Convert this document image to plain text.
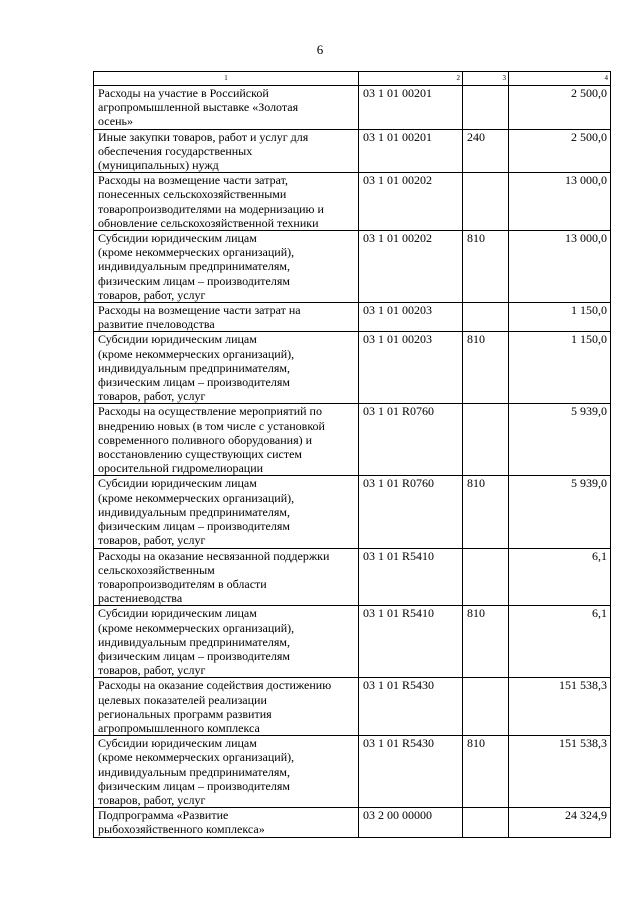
6
1	2	3	4
Расходы на участие в Российской
агропромышленной выставке «Золотая
осень»	03 1 01 00201		2 500,0
Иные закупки товаров, работ и услуг для
обеспечения государственных
(муниципальных) нужд	03 1 01 00201	240	2 500,0
Расходы на возмещение части затрат,
понесенных сельскохозяйственными
товаропроизводителями на модернизацию и
обновление сельскохозяйственной техники	03 1 01 00202		13 000,0
Субсидии юридическим лицам
(кроме некоммерческих организаций),
индивидуальным предпринимателям,
физическим лицам – производителям
товаров, работ, услуг	03 1 01 00202	810	13 000,0
Расходы на возмещение части затрат на
развитие пчеловодства	03 1 01 00203		1 150,0
Субсидии юридическим лицам
(кроме некоммерческих организаций),
индивидуальным предпринимателям,
физическим лицам – производителям
товаров, работ, услуг	03 1 01 00203	810	1 150,0
Расходы на осуществление мероприятий по
внедрению новых (в том числе с установкой
современного поливного оборудования) и
восстановлению существующих систем
оросительной гидромелиорации	03 1 01 R0760		5 939,0
Субсидии юридическим лицам
(кроме некоммерческих организаций),
индивидуальным предпринимателям,
физическим лицам – производителям
товаров, работ, услуг	03 1 01 R0760	810	5 939,0
Расходы на оказание несвязанной поддержки
сельскохозяйственным
товаропроизводителям в области
растениеводства	03 1 01 R5410		6,1
Субсидии юридическим лицам
(кроме некоммерческих организаций),
индивидуальным предпринимателям,
физическим лицам – производителям
товаров, работ, услуг	03 1 01 R5410	810	6,1
Расходы на оказание содействия достижению
целевых показателей реализации
региональных программ развития
агропромышленного комплекса	03 1 01 R5430		151 538,3
Субсидии юридическим лицам
(кроме некоммерческих организаций),
индивидуальным предпринимателям,
физическим лицам – производителям
товаров, работ, услуг	03 1 01 R5430	810	151 538,3
Подпрограмма «Развитие
рыбохозяйственного комплекса»	03 2 00 00000		24 324,9
